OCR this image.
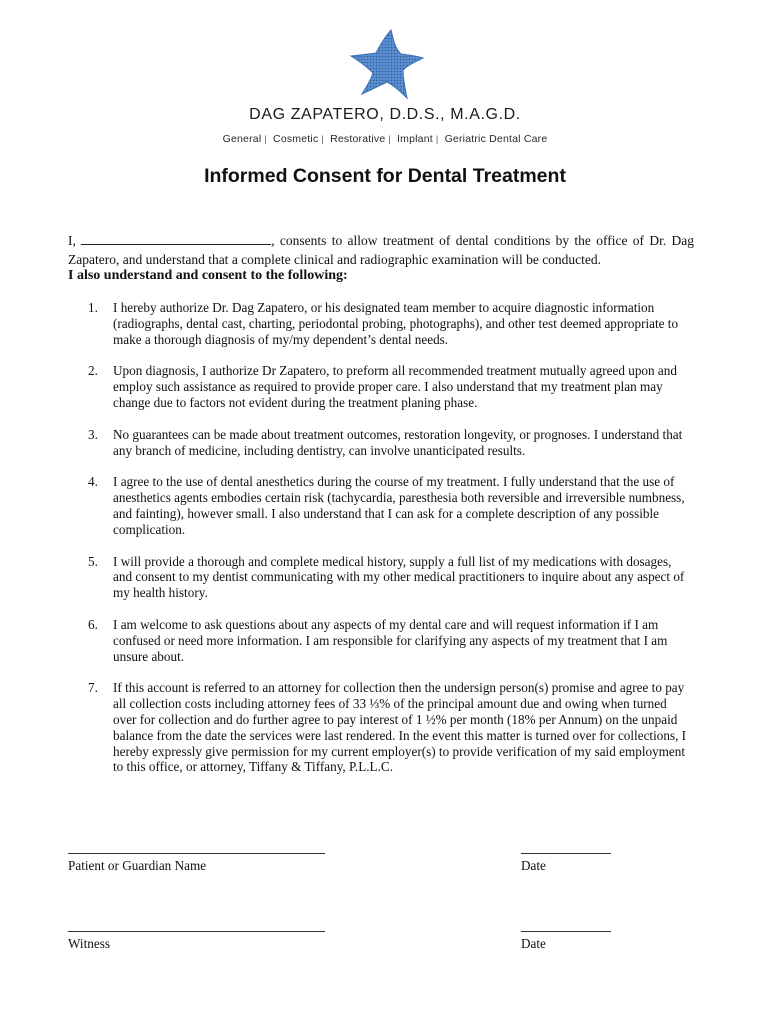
DAG ZAPATERO, D.D.S., M.A.G.D.
General | Cosmetic | Restorative | Implant | Geriatric Dental Care
Informed Consent for Dental Treatment
I,	, consents to allow treatment of dental conditions by the office of Dr. Dag Zapatero, and understand that a complete clinical and radiographic examination will be conducted.
I also understand and consent to the following:
1. I hereby authorize Dr. Dag Zapatero, or his designated team member to acquire diagnostic information (radiographs, dental cast, charting, periodontal probing, photographs), and other test deemed appropriate to make a thorough diagnosis of my/my dependent’s dental needs.
2. Upon diagnosis, I authorize Dr Zapatero, to preform all recommended treatment mutually agreed upon and employ such assistance as required to provide proper care. I also understand that my treatment plan may change due to factors not evident during the treatment planing phase.
3. No guarantees can be made about treatment outcomes, restoration longevity, or prognoses. I understand that any branch of medicine, including dentistry, can involve unanticipated results.
4. I agree to the use of dental anesthetics during the course of my treatment. I fully understand that the use of anesthetics agents embodies certain risk (tachycardia, paresthesia both reversible and irreversible numbness, and fainting), however small. I also understand that I can ask for a complete description of any possible complication.
5. I will provide a thorough and complete medical history, supply a full list of my medications with dosages, and consent to my dentist communicating with my other medical practitioners to inquire about any aspect of my health history.
6. I am welcome to ask questions about any aspects of my dental care and will request information if I am confused or need more information. I am responsible for clarifying any aspects of my treatment that I am unsure about.
7. If this account is referred to an attorney for collection then the undersign person(s) promise and agree to pay all collection costs including attorney fees of 33 ⅓% of the principal amount due and owing when turned over for collection and do further agree to pay interest of 1 ½% per month (18% per Annum) on the unpaid balance from the date the services were last rendered. In the event this matter is turned over for collections, I hereby expressly give permission for my current employer(s) to provide verification of my said employment to this office, or attorney, Tiffany & Tiffany, P.L.L.C.
Patient or Guardian Name	Date
Witness	Date
